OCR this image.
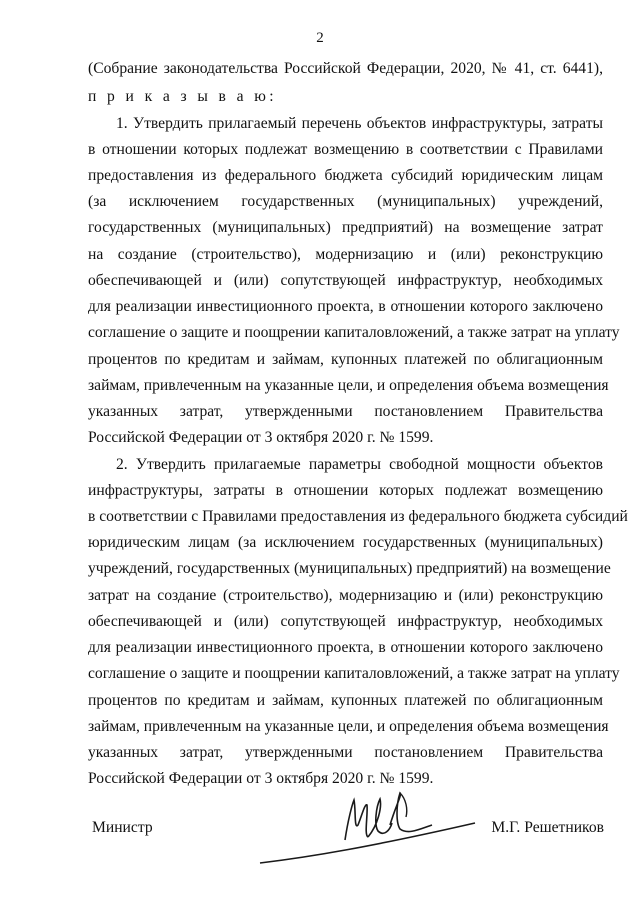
2
(Собрание законодательства Российской Федерации, 2020, № 41, ст. 6441),
п р и к а з ы в а ю:
1. Утвердить прилагаемый перечень объектов инфраструктуры, затраты
в отношении которых подлежат возмещению в соответствии с Правилами
предоставления из федерального бюджета субсидий юридическим лицам
(за исключением государственных (муниципальных) учреждений,
государственных (муниципальных) предприятий) на возмещение затрат
на создание (строительство), модернизацию и (или) реконструкцию
обеспечивающей и (или) сопутствующей инфраструктур, необходимых
для реализации инвестиционного проекта, в отношении которого заключено
соглашение о защите и поощрении капиталовложений, а также затрат на уплату
процентов по кредитам и займам, купонных платежей по облигационным
займам, привлеченным на указанные цели, и определения объема возмещения
указанных затрат, утвержденными постановлением Правительства
Российской Федерации от 3 октября 2020 г. № 1599.
2. Утвердить прилагаемые параметры свободной мощности объектов
инфраструктуры, затраты в отношении которых подлежат возмещению
в соответствии с Правилами предоставления из федерального бюджета субсидий
юридическим лицам (за исключением государственных (муниципальных)
учреждений, государственных (муниципальных) предприятий) на возмещение
затрат на создание (строительство), модернизацию и (или) реконструкцию
обеспечивающей и (или) сопутствующей инфраструктур, необходимых
для реализации инвестиционного проекта, в отношении которого заключено
соглашение о защите и поощрении капиталовложений, а также затрат на уплату
процентов по кредитам и займам, купонных платежей по облигационным
займам, привлеченным на указанные цели, и определения объема возмещения
указанных затрат, утвержденными постановлением Правительства
Российской Федерации от 3 октября 2020 г. № 1599.
Министр	М.Г. Решетников
